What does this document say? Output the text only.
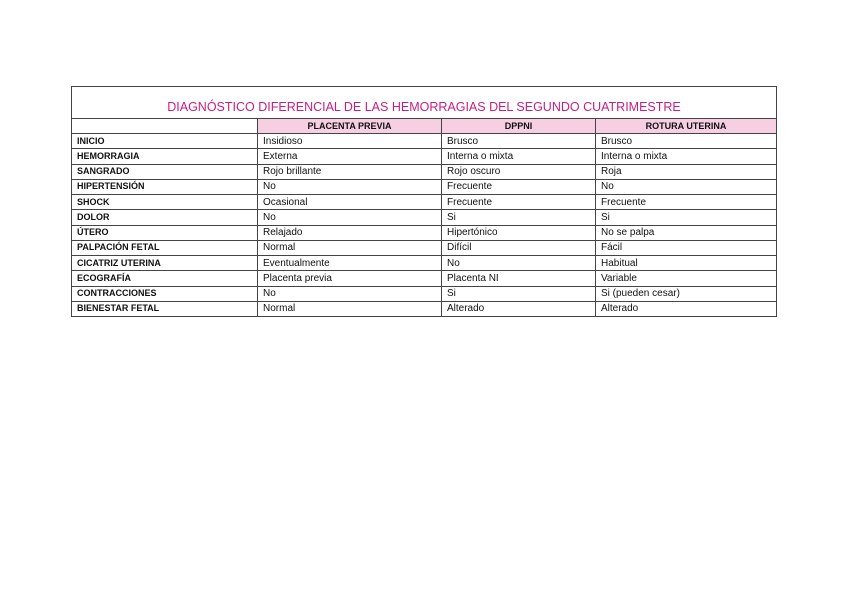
DIAGNÓSTICO DIFERENCIAL DE LAS HEMORRAGIAS DEL SEGUNDO CUATRIMESTRE			
	PLACENTA PREVIA	DPPNI	ROTURA UTERINA
INICIO	Insidioso	Brusco	Brusco
HEMORRAGIA	Externa	Interna o mixta	Interna o mixta
SANGRADO	Rojo brillante	Rojo oscuro	Roja
HIPERTENSIÓN	No	Frecuente	No
SHOCK	Ocasional	Frecuente	Frecuente
DOLOR	No	Si	Si
ÚTERO	Relajado	Hipertónico	No se palpa
PALPACIÓN FETAL	Normal	Difícil	Fácil
CICATRIZ UTERINA	Eventualmente	No	Habitual
ECOGRAFÍA	Placenta previa	Placenta NI	Variable
CONTRACCIONES	No	Si	Si (pueden cesar)
BIENESTAR FETAL	Normal	Alterado	Alterado
